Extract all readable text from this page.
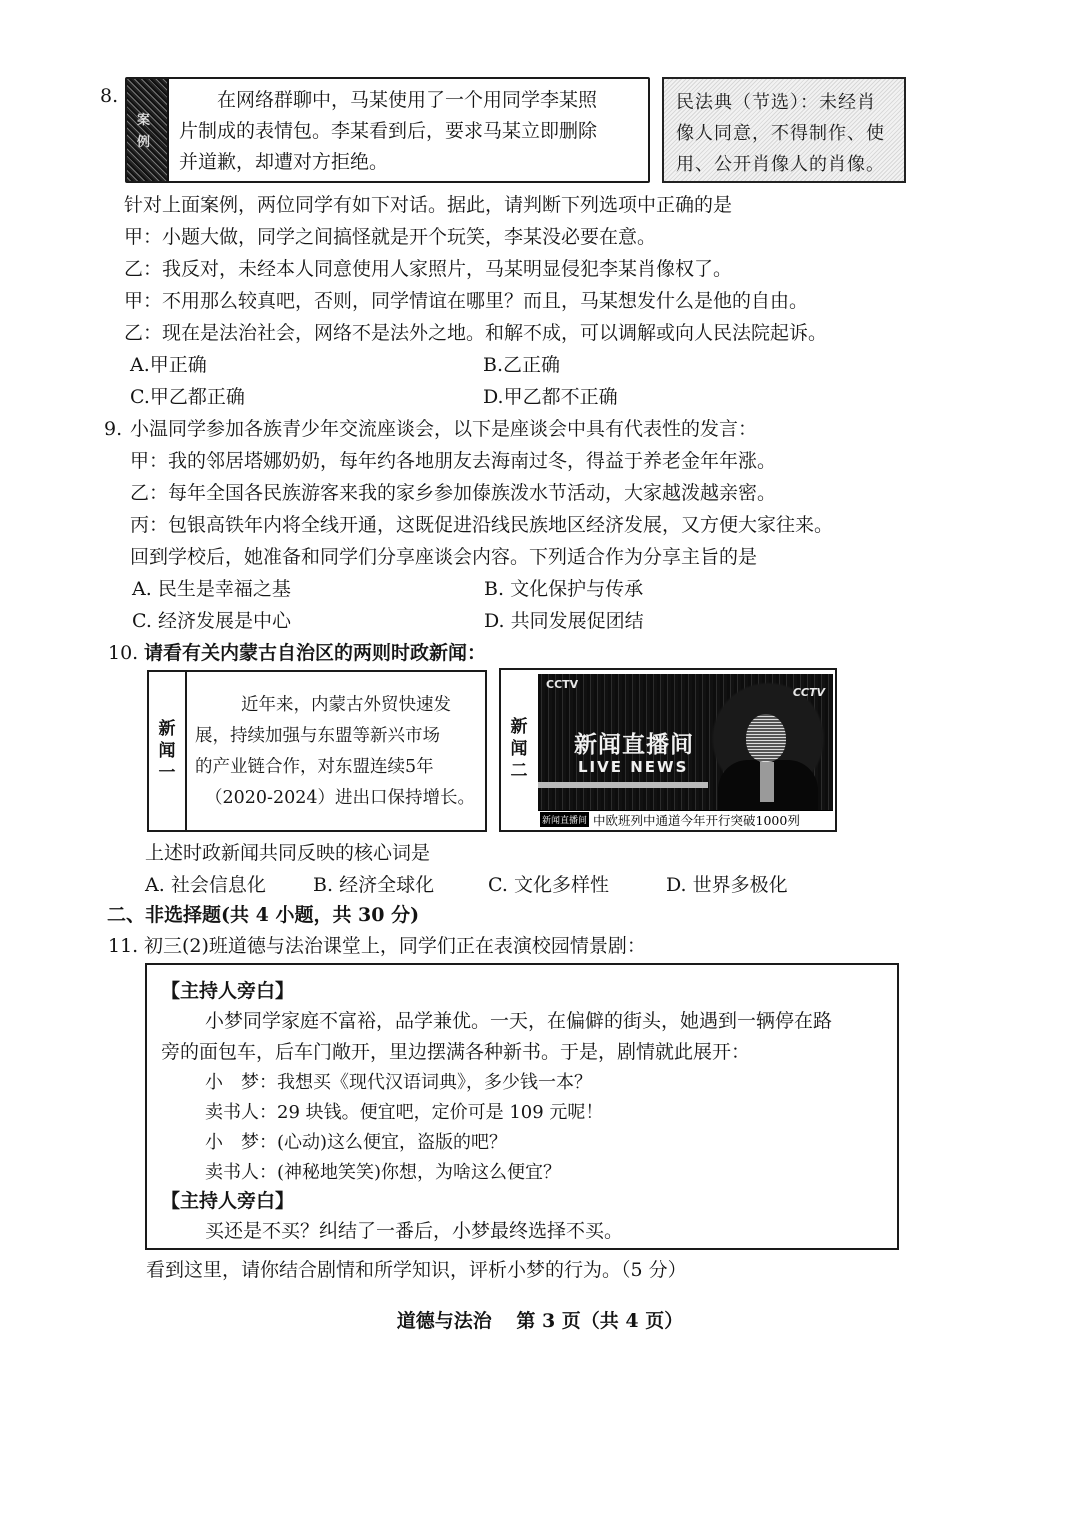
8.
案
例
在网络群聊中，马某使用了一个用同学李某照
片制成的表情包。李某看到后，要求马某立即删除
并道歉，却遭对方拒绝。
民法典（节选）：未经肖
像人同意，不得制作、使
用、公开肖像人的肖像。
针对上面案例，两位同学有如下对话。据此，请判断下列选项中正确的是
甲：小题大做，同学之间搞怪就是开个玩笑，李某没必要在意。
乙：我反对，未经本人同意使用人家照片，马某明显侵犯李某肖像权了。
甲：不用那么较真吧，否则，同学情谊在哪里？而且，马某想发什么是他的自由。
乙：现在是法治社会，网络不是法外之地。和解不成，可以调解或向人民法院起诉。
A.甲正确	B.乙正确
C.甲乙都正确	D.甲乙都不正确
9. 小温同学参加各族青少年交流座谈会，以下是座谈会中具有代表性的发言：
甲：我的邻居塔娜奶奶，每年约各地朋友去海南过冬，得益于养老金年年涨。
乙：每年全国各民族游客来我的家乡参加傣族泼水节活动，大家越泼越亲密。
丙：包银高铁年内将全线开通，这既促进沿线民族地区经济发展，又方便大家往来。
回到学校后，她准备和同学们分享座谈会内容。下列适合作为分享主旨的是
A. 民生是幸福之基	B. 文化保护与传承
C. 经济发展是中心	D. 共同发展促团结
10. 请看有关内蒙古自治区的两则时政新闻：
新
闻
一
近年来，内蒙古外贸快速发
展，持续加强与东盟等新兴市场
的产业链合作，对东盟连续5年
（2020-2024）进出口保持增长。
新
闻
二
CCTV
CCTV
新闻直播间
LIVE NEWS
新闻直播间 中欧班列中通道今年开行突破1000列
上述时政新闻共同反映的核心词是
A. 社会信息化 B. 经济全球化	C. 文化多样性	D. 世界多极化
二、非选择题(共 4 小题，共 30 分)
11. 初三(2)班道德与法治课堂上，同学们正在表演校园情景剧：
【主持人旁白】
小梦同学家庭不富裕，品学兼优。一天，在偏僻的街头，她遇到一辆停在路
旁的面包车，后车门敞开，里边摆满各种新书。于是，剧情就此展开：
小　梦：我想买《现代汉语词典》，多少钱一本？
卖书人：29 块钱。便宜吧，定价可是 109 元呢！
小　梦：(心动)这么便宜，盗版的吧？
卖书人：(神秘地笑笑)你想，为啥这么便宜？
【主持人旁白】
买还是不买？纠结了一番后，小梦最终选择不买。
看到这里，请你结合剧情和所学知识，评析小梦的行为。（5 分）
道德与法治 第 3 页（共 4 页）
